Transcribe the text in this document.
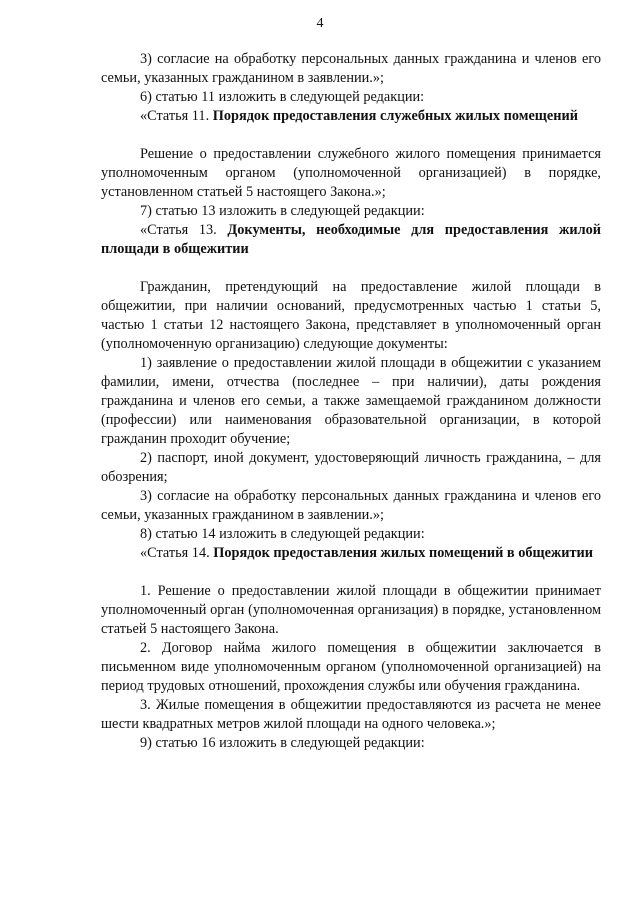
4

3) согласие на обработку персональных данных гражданина и членов его семьи, указанных гражданином в заявлении.»;

6) статью 11 изложить в следующей редакции:

«Статья 11. Порядок предоставления служебных жилых помещений

Решение о предоставлении служебного жилого помещения принимается уполномоченным органом (уполномоченной организацией) в порядке, установленном статьей 5 настоящего Закона.»;

7) статью 13 изложить в следующей редакции:

«Статья 13. Документы, необходимые для предоставления жилой площади в общежитии

Гражданин, претендующий на предоставление жилой площади в общежитии, при наличии оснований, предусмотренных частью 1 статьи 5, частью 1 статьи 12 настоящего Закона, представляет в уполномоченный орган (уполномоченную организацию) следующие документы:

1) заявление о предоставлении жилой площади в общежитии с указанием фамилии, имени, отчества (последнее – при наличии), даты рождения гражданина и членов его семьи, а также замещаемой гражданином должности (профессии) или наименования образовательной организации, в которой гражданин проходит обучение;

2) паспорт, иной документ, удостоверяющий личность гражданина, – для обозрения;

3) согласие на обработку персональных данных гражданина и членов его семьи, указанных гражданином в заявлении.»;

8) статью 14 изложить в следующей редакции:

«Статья 14. Порядок предоставления жилых помещений в общежитии

1. Решение о предоставлении жилой площади в общежитии принимает уполномоченный орган (уполномоченная организация) в порядке, установленном статьей 5 настоящего Закона.

2. Договор найма жилого помещения в общежитии заключается в письменном виде уполномоченным органом (уполномоченной организацией) на период трудовых отношений, прохождения службы или обучения гражданина.

3. Жилые помещения в общежитии предоставляются из расчета не менее шести квадратных метров жилой площади на одного человека.»;

9) статью 16 изложить в следующей редакции:
